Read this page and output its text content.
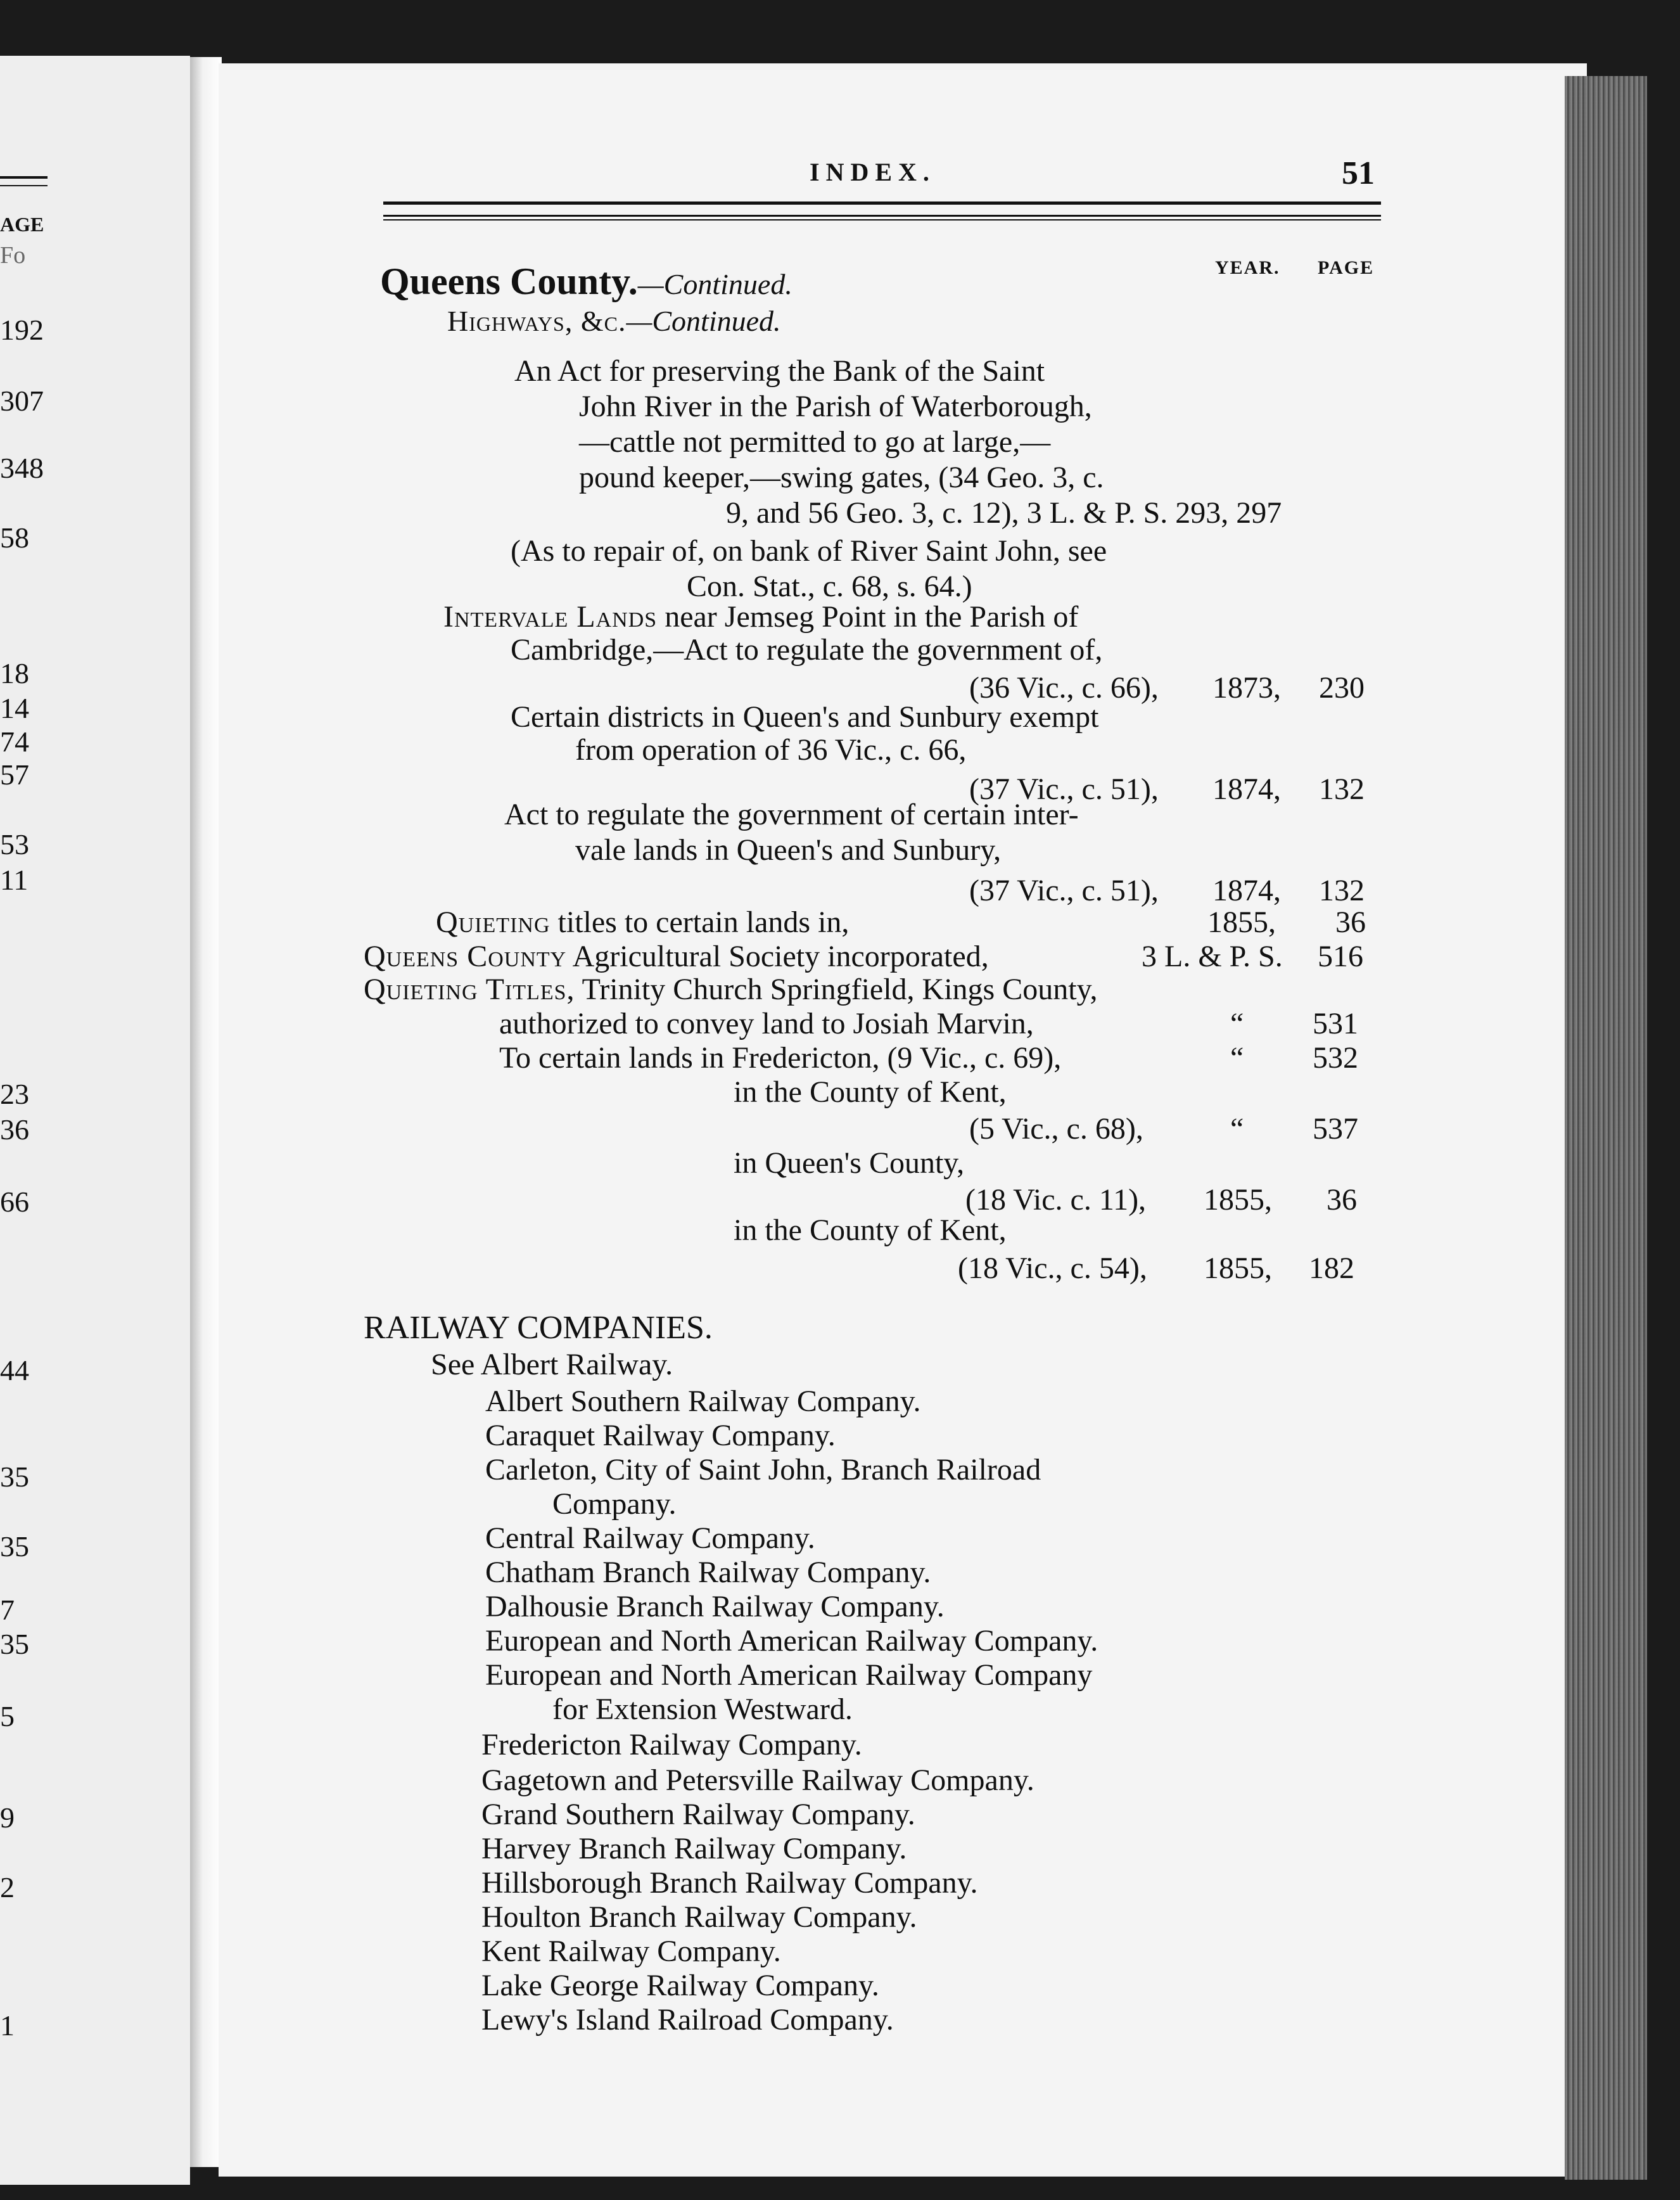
AGE
Fo
192
307
348
58
18
14
74
57
53
11
23
36
66
44
35
35
7
35
5
9
2
1
INDEX.	51
YEAR. PAGE
Queens County.—Continued.
Highways, &c.—Continued.
An Act for preserving the Bank of the Saint
John River in the Parish of Waterborough,
—cattle not permitted to go at large,—
pound keeper,—swing gates, (34 Geo. 3, c.
9, and 56 Geo. 3, c. 12), 3 L. & P. S. 293, 297
(As to repair of, on bank of River Saint John, see
Con. Stat., c. 68, s. 64.)
Intervale Lands near Jemseg Point in the Parish of
Cambridge,—Act to regulate the government of,
(36 Vic., c. 66), 1873, 230
Certain districts in Queen's and Sunbury exempt
from operation of 36 Vic., c. 66,
(37 Vic., c. 51), 1874, 132
Act to regulate the government of certain inter-
vale lands in Queen's and Sunbury,
(37 Vic., c. 51), 1874, 132
Quieting titles to certain lands in,	1855, 36
Queens County Agricultural Society incorporated,	3 L. & P. S. 516
Quieting Titles, Trinity Church Springfield, Kings County,
authorized to convey land to Josiah Marvin,	“ 531
To certain lands in Fredericton, (9 Vic., c. 69),	“ 532
in the County of Kent,
(5 Vic., c. 68),	“ 537
in Queen's County,
(18 Vic. c. 11), 1855, 36
in the County of Kent,
(18 Vic., c. 54), 1855, 182
RAILWAY COMPANIES.
See Albert Railway.
Albert Southern Railway Company.
Caraquet Railway Company.
Carleton, City of Saint John, Branch Railroad
Company.
Central Railway Company.
Chatham Branch Railway Company.
Dalhousie Branch Railway Company.
European and North American Railway Company.
European and North American Railway Company
for Extension Westward.
Fredericton Railway Company.
Gagetown and Petersville Railway Company.
Grand Southern Railway Company.
Harvey Branch Railway Company.
Hillsborough Branch Railway Company.
Houlton Branch Railway Company.
Kent Railway Company.
Lake George Railway Company.
Lewy's Island Railroad Company.
